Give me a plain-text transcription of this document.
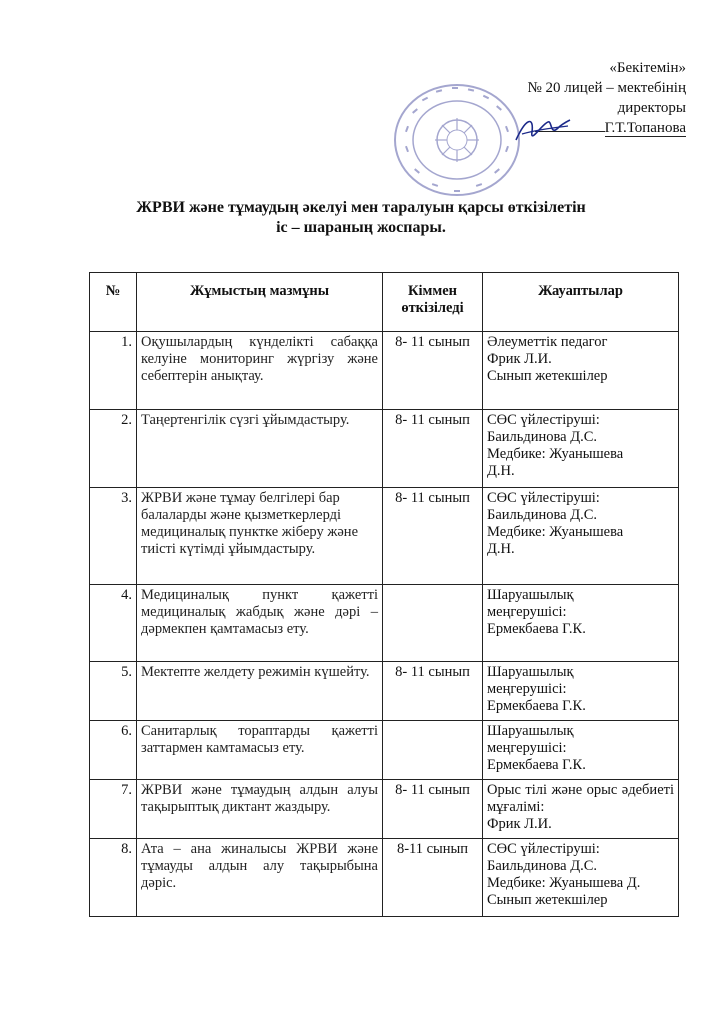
«Бекітемін»
№ 20 лицей – мектебінің
директоры
Г.Т.Топанова
ЖРВИ және тұмаудың әкелуі мен таралуын қарсы өткізілетін
іс – шараның жоспары.
№	Жұмыстың мазмұны	Кіммен өткізіледі	Жауаптылар
1.	Оқушылардың күнделікті сабаққа келуіне мониторинг жүргізу және себептерін анықтау.	8- 11 сынып	Әлеуметтік педагог
Фрик Л.И.
Сынып жетекшілер

2.	Таңертенгілік сүзгі ұйымдастыру.	8- 11 сынып	СӨС үйлестіруші:
Баильдинова Д.С.
Медбике: Жуанышева
Д.Н.

3.	ЖРВИ және тұмау белгілері бар балаларды және қызметкерлерді медициналық пунктке жіберу және тиісті күтімді ұйымдастыру.	8- 11 сынып	СӨС үйлестіруші:
Баильдинова Д.С.
Медбике: Жуанышева
Д.Н.

4.	Медициналық пункт қажетті медициналық жабдық және дәрі – дәрмекпен қамтамасыз ету.		Шаруашылық
меңгерушісі:
Ермекбаева Г.К.

5.	Мектепте желдету режимін күшейту.	8- 11 сынып	Шаруашылық
меңгерушісі:
Ермекбаева Г.К.

6.	Санитарлық тораптарды қажетті заттармен камтамасыз ету.		Шаруашылық
меңгерушісі:
Ермекбаева Г.К.

7.	ЖРВИ және тұмаудың алдын алуы тақырыптық диктант жаздыру.	8- 11 сынып	Орыс тілі және орыс әдебиеті мұғалімі:
Фрик Л.И.

8.	Ата – ана жиналысы ЖРВИ және тұмауды алдын алу тақырыбына дәріс.	8-11 сынып	СӨС үйлестіруші:
Баильдинова Д.С.
Медбике: Жуанышева Д.
Сынып жетекшілер
